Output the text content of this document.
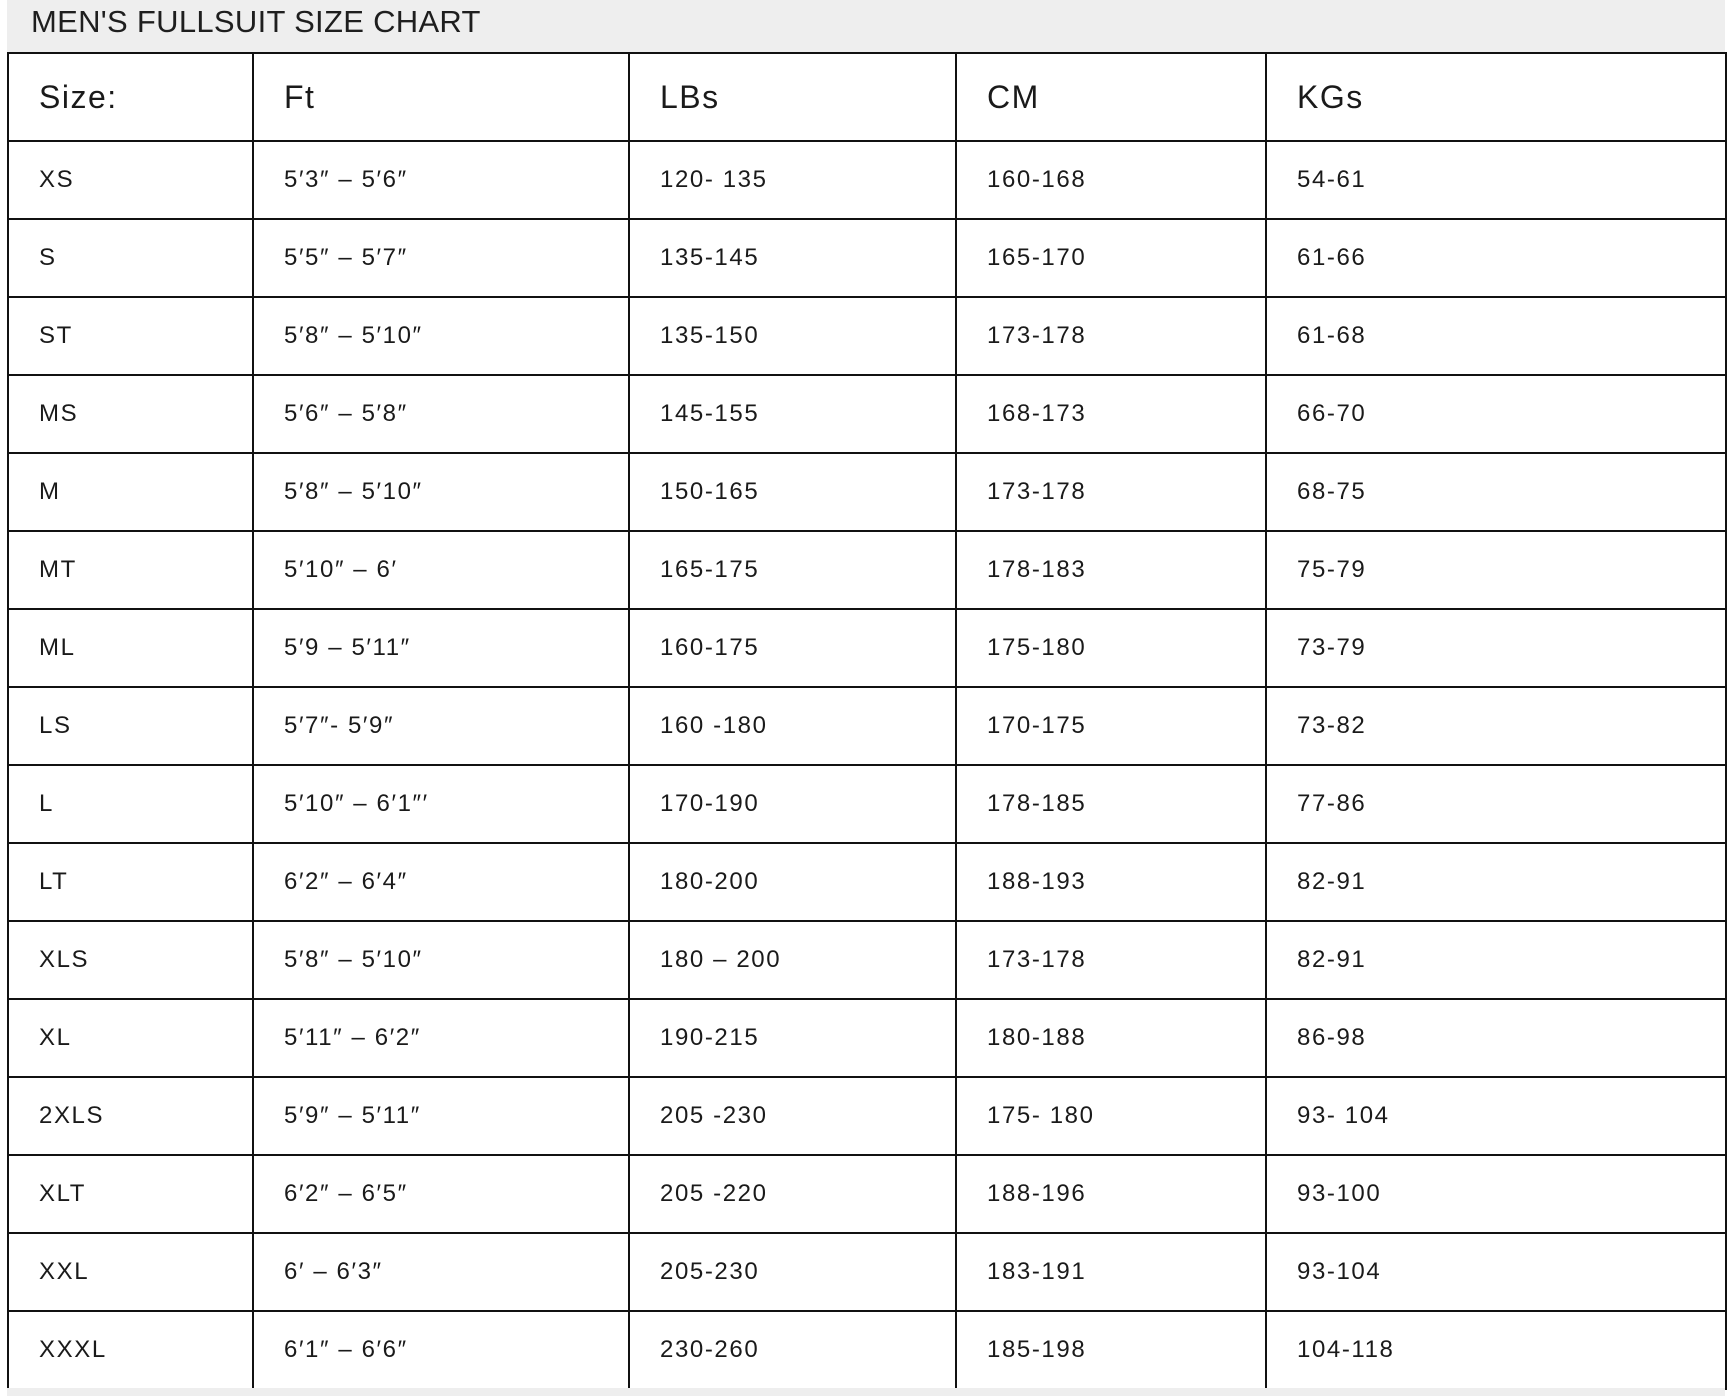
MEN'S FULLSUIT SIZE CHART
Size:	Ft	LBs	CM	KGs
XS	5′3″ – 5′6″	120- 135	160-168	54-61
S	5′5″ – 5′7″	135-145	165-170	61-66
ST	5′8″ – 5′10″	135-150	173-178	61-68
MS	5′6″ – 5′8″	145-155	168-173	66-70
M	5′8″ – 5′10″	150-165	173-178	68-75
MT	5′10″ – 6′	165-175	178-183	75-79
ML	5′9 – 5′11″	160-175	175-180	73-79
LS	5′7″- 5′9″	160 -180	170-175	73-82
L	5′10″ – 6′1″′	170-190	178-185	77-86
LT	6′2″ – 6′4″	180-200	188-193	82-91
XLS	5′8″ – 5′10″	180 – 200	173-178	82-91
XL	5′11″ – 6′2″	190-215	180-188	86-98
2XLS	5′9″ – 5′11″	205 -230	175- 180	93- 104
XLT	6′2″ – 6′5″	205 -220	188-196	93-100
XXL	6′ – 6′3″	205-230	183-191	93-104
XXXL	6′1″ – 6′6″	230-260	185-198	104-118
